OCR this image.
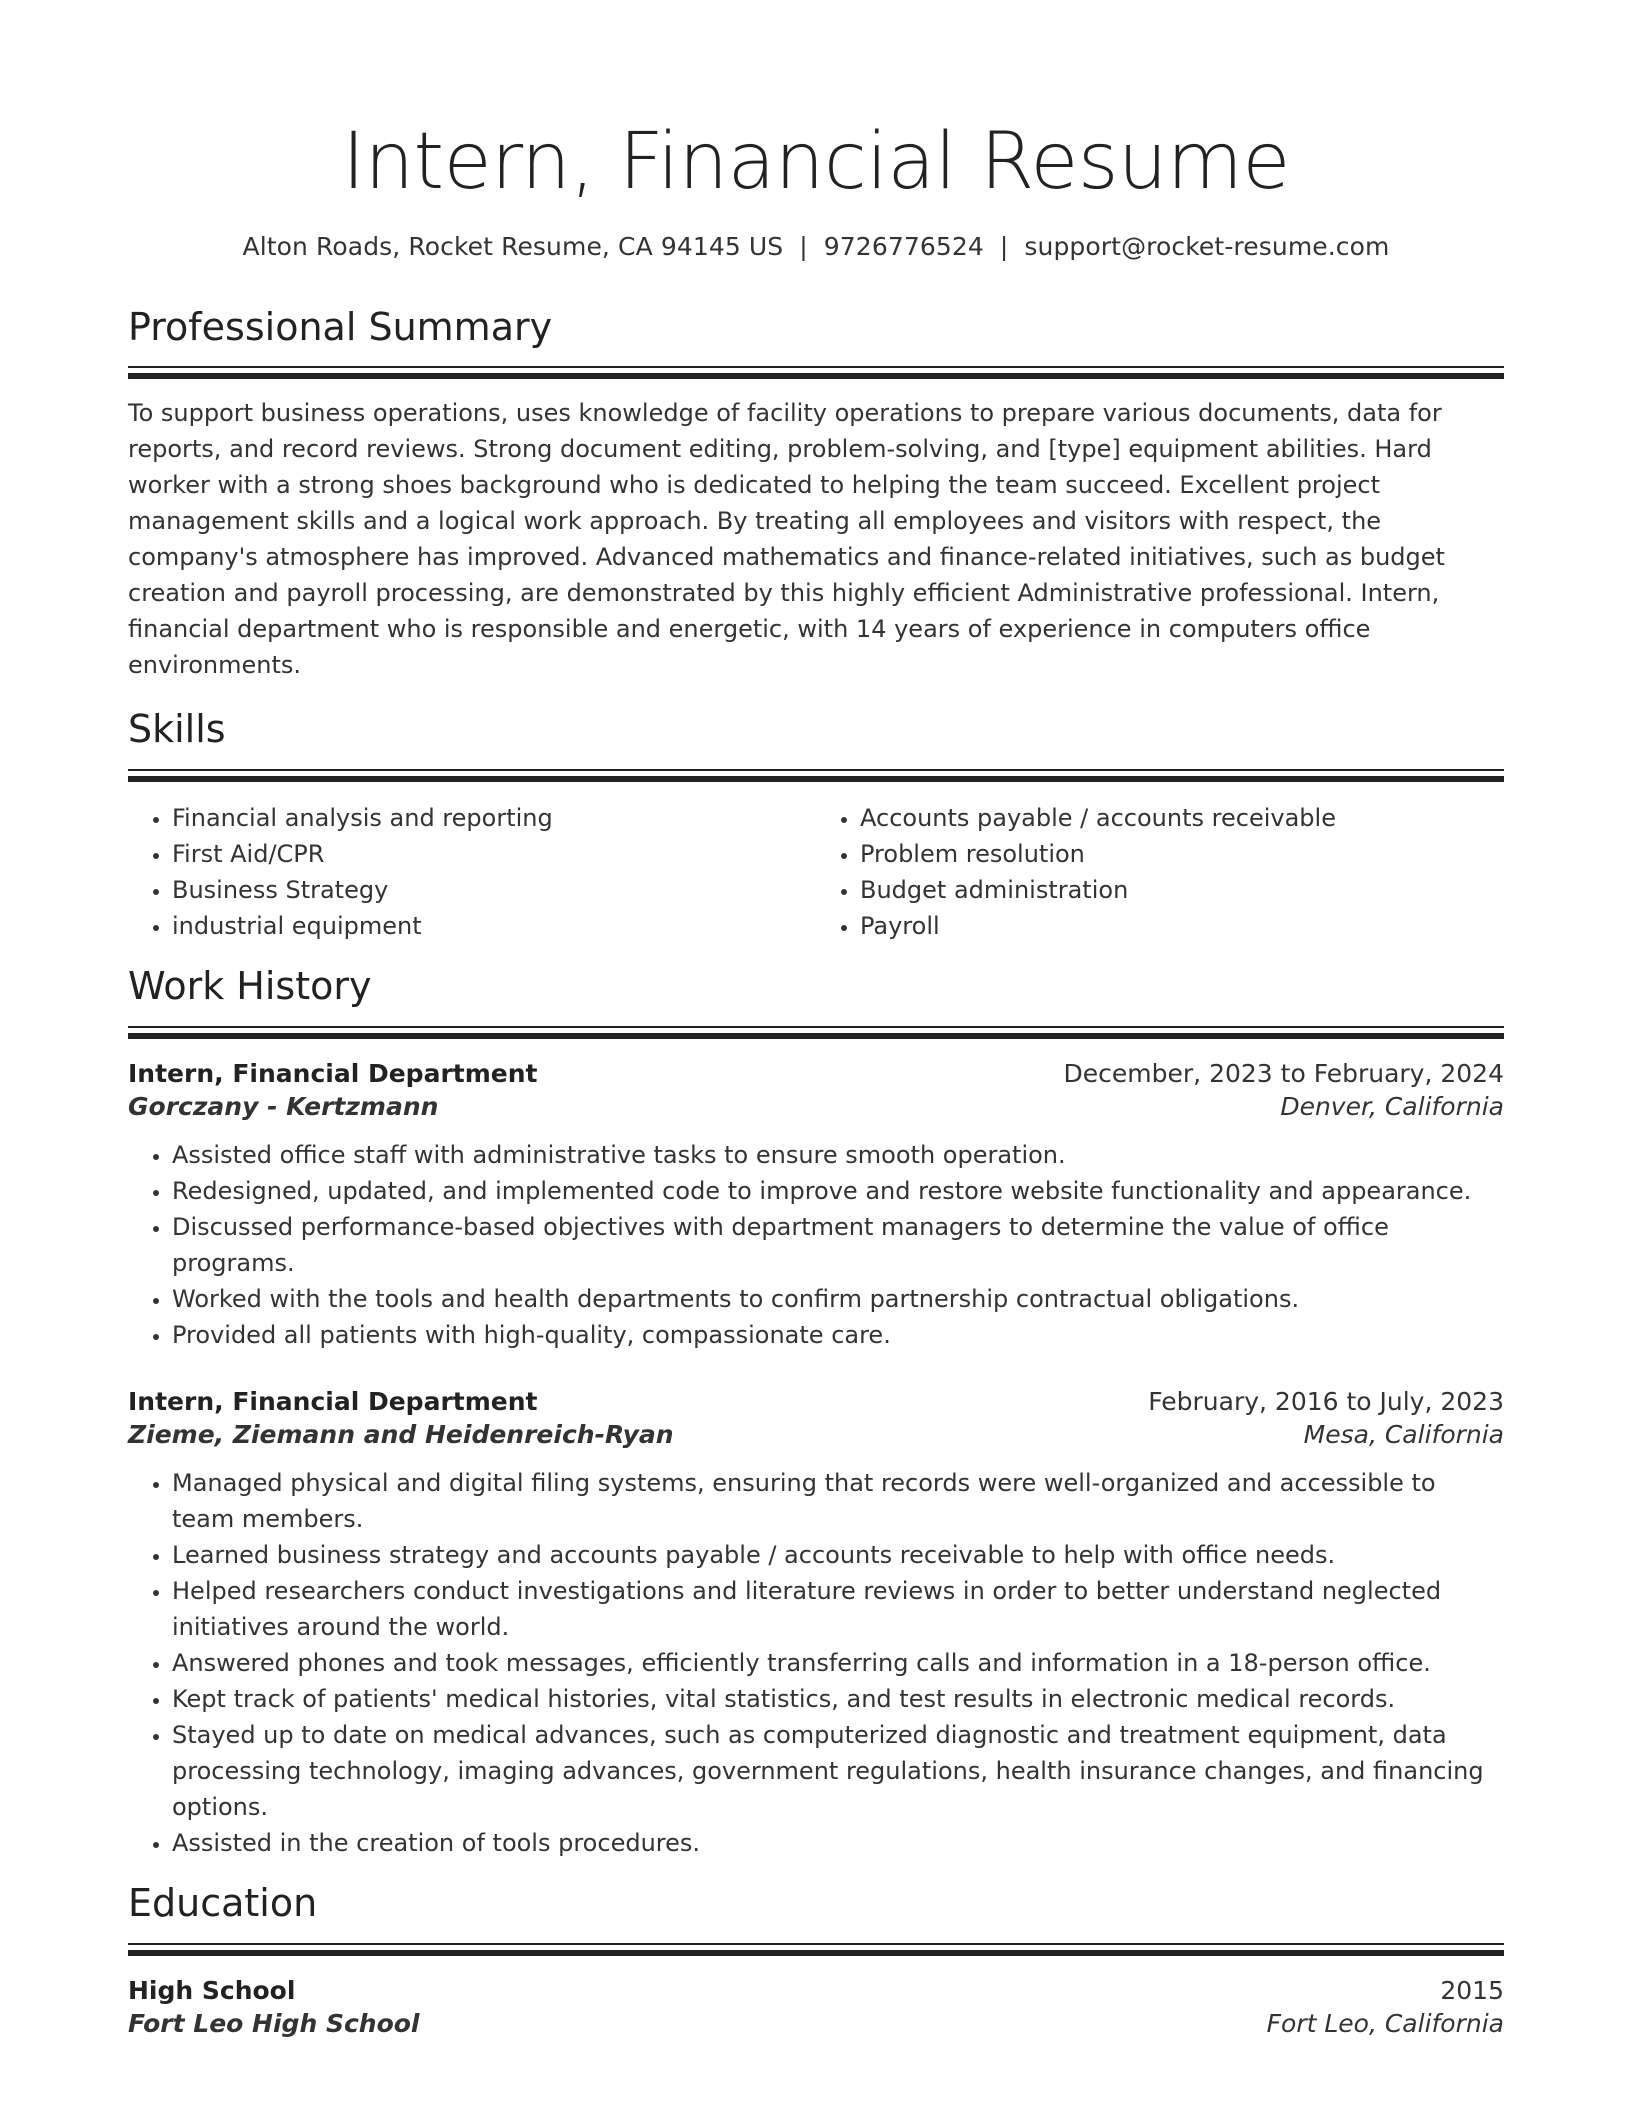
Intern, Financial Resume
Alton Roads, Rocket Resume, CA 94145 US | 9726776524 | support@rocket-resume.com
Professional Summary

To support business operations, uses knowledge of facility operations to prepare various documents, data for reports, and record reviews. Strong document editing, problem-solving, and [type] equipment abilities. Hard worker with a strong shoes background who is dedicated to helping the team succeed. Excellent project management skills and a logical work approach. By treating all employees and visitors with respect, the company's atmosphere has improved. Advanced mathematics and finance-related initiatives, such as budget creation and payroll processing, are demonstrated by this highly efficient Administrative professional. Intern, financial department who is responsible and energetic, with 14 years of experience in computers office environments.

Skills
• Financial analysis and reporting
• First Aid/CPR
• Business Strategy
• industrial equipment
• Accounts payable / accounts receivable
• Problem resolution
• Budget administration
• Payroll
Work History
Intern, Financial Department	December, 2023 to February, 2024
Gorczany - Kertzmann	Denver, California
• Assisted office staff with administrative tasks to ensure smooth operation.
• Redesigned, updated, and implemented code to improve and restore website functionality and appearance.
• Discussed performance-based objectives with department managers to determine the value of office programs.
• Worked with the tools and health departments to confirm partnership contractual obligations.
• Provided all patients with high-quality, compassionate care.
Intern, Financial Department	February, 2016 to July, 2023
Zieme, Ziemann and Heidenreich-Ryan	Mesa, California
• Managed physical and digital filing systems, ensuring that records were well-organized and accessible to team members.
• Learned business strategy and accounts payable / accounts receivable to help with office needs.
• Helped researchers conduct investigations and literature reviews in order to better understand neglected initiatives around the world.
• Answered phones and took messages, efficiently transferring calls and information in a 18-person office.
• Kept track of patients' medical histories, vital statistics, and test results in electronic medical records.
• Stayed up to date on medical advances, such as computerized diagnostic and treatment equipment, data processing technology, imaging advances, government regulations, health insurance changes, and financing options.
• Assisted in the creation of tools procedures.
Education
High School	2015
Fort Leo High School	Fort Leo, California
